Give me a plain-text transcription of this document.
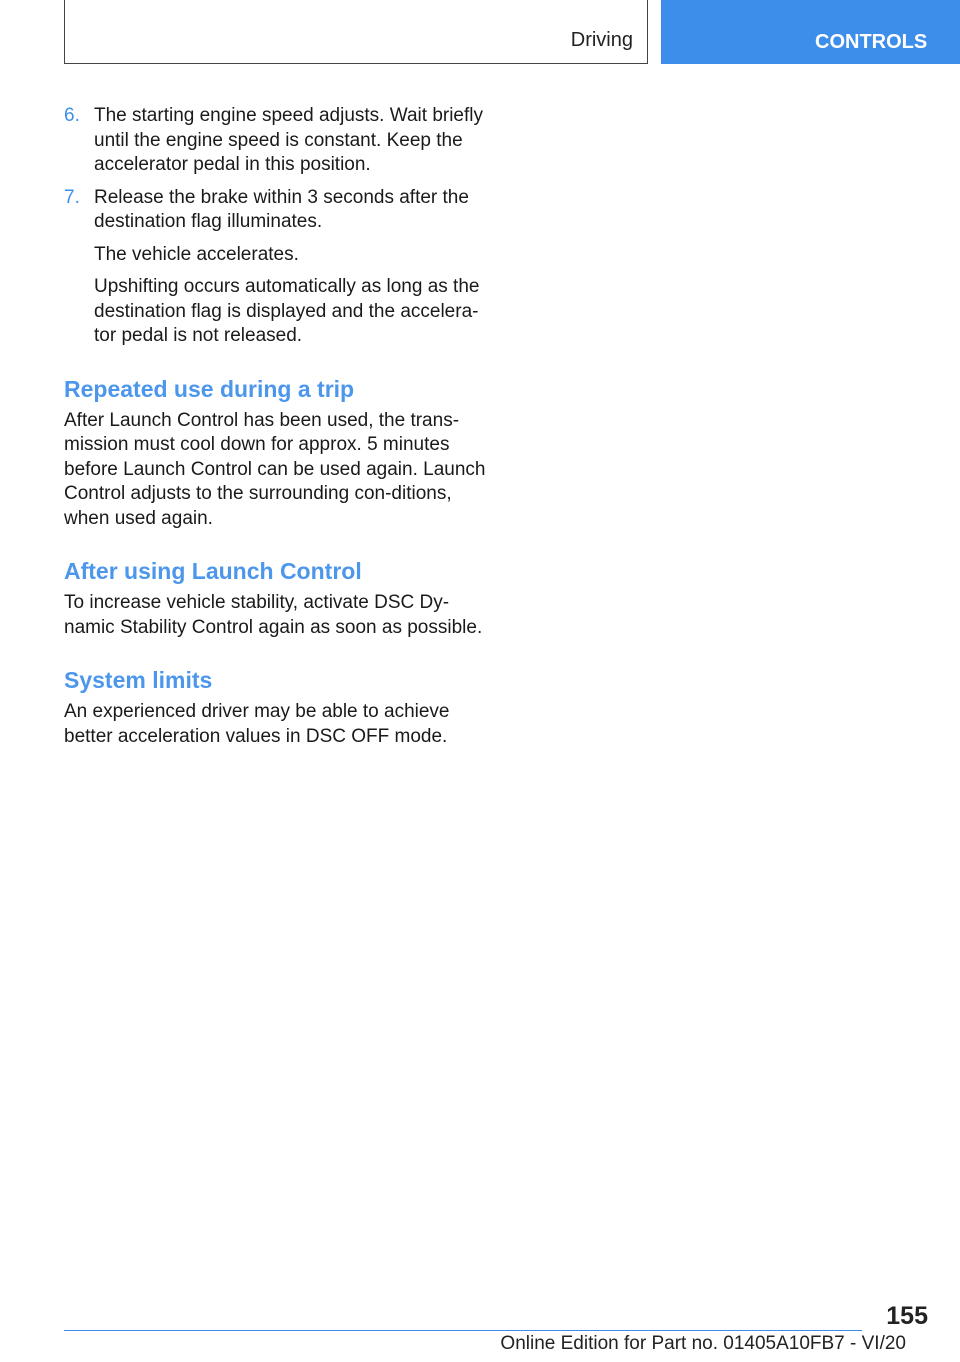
Driving	CONTROLS
6. The starting engine speed adjusts. Wait briefly until the engine speed is constant. Keep the accelerator pedal in this position.

7. Release the brake within 3 seconds after the destination flag illuminates.

The vehicle accelerates.

Upshifting occurs automatically as long as the destination flag is displayed and the accelera-tor pedal is not released.

Repeated use during a trip

After Launch Control has been used, the trans-mission must cool down for approx. 5 minutes before Launch Control can be used again. Launch Control adjusts to the surrounding con-ditions, when used again.

After using Launch Control

To increase vehicle stability, activate DSC Dy-namic Stability Control again as soon as possible.

System limits

An experienced driver may be able to achieve better acceleration values in DSC OFF mode.

155
Online Edition for Part no. 01405A10FB7 - VI/20
